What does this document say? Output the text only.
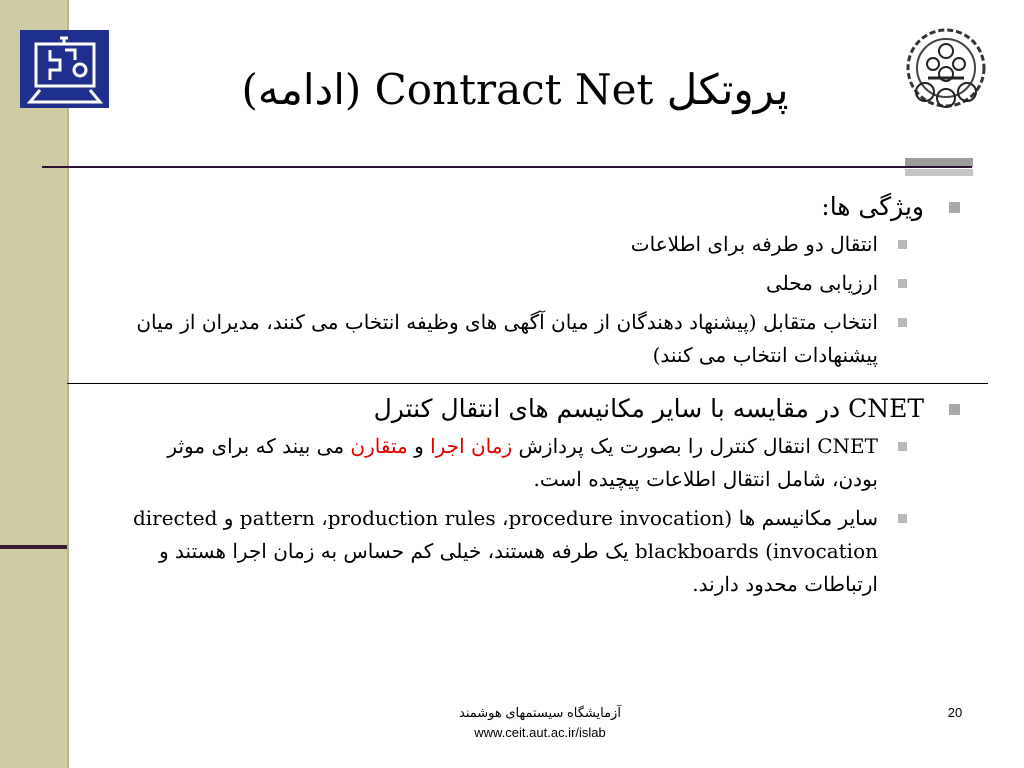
پروتکل Contract Net (ادامه)
ویژگی ها:
انتقال دو طرفه برای اطلاعات
ارزیابی محلی
انتخاب متقابل (پیشنهاد دهندگان از میان آگهی های وظیفه انتخاب می کنند، مدیران از میان پیشنهادات انتخاب می کنند)
CNET در مقایسه با سایر مکانیسم های انتقال کنترل
CNET انتقال کنترل را بصورت یک پردازش زمان اجرا و متقارن می بیند که برای موثر بودن، شامل انتقال اطلاعات پیچیده است.
سایر مکانیسم ها (pattern ،production rules ،procedure invocation و directed invocation) blackboards یک طرفه هستند، خیلی کم حساس به زمان اجرا هستند و ارتباطات محدود دارند.
آزمایشگاه سیستمهای هوشمند
www.ceit.aut.ac.ir/islab
20
